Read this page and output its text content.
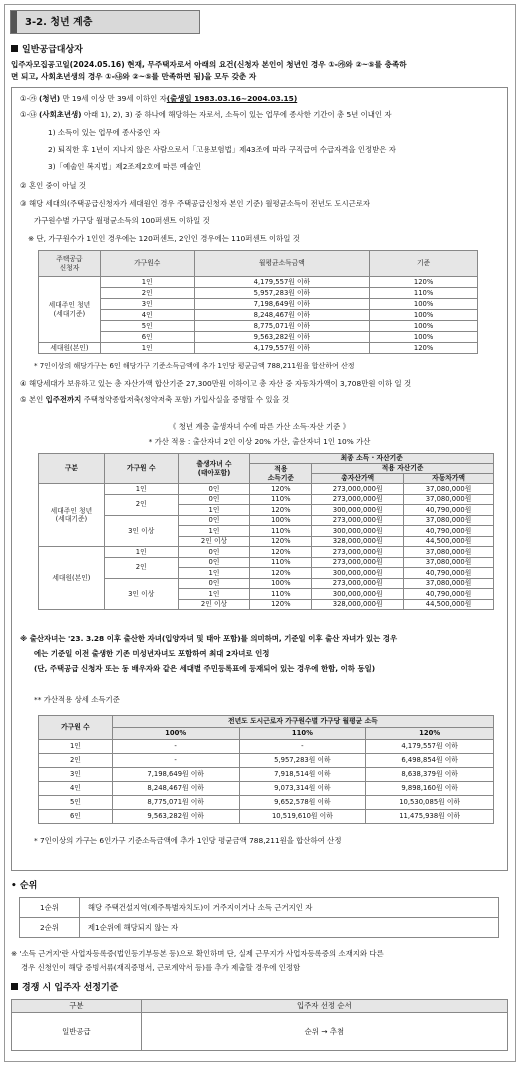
3-2. 청년 계층
일반공급대상자
입주자모집공고일(2024.05.16) 현재, 무주택자로서 아래의 요건(신청자 본인이 청년인 경우 ①-㉮와 ②~⑤를 충족하
면 되고, 사회초년생의 경우 ①-㉯와 ②~⑤를 만족하면 됨)을 모두 갖춘 자
①-㉮ (청년) 만 19세 이상 만 39세 이하인 자(출생일 1983.03.16~2004.03.15)
①-㉯ (사회초년생) 아래 1), 2), 3) 중 하나에 해당하는 자로서, 소득이 있는 업무에 종사한 기간이 총 5년 이내인 자
1) 소득이 있는 업무에 종사중인 자
2) 퇴직한 후 1년이 지나지 않은 사람으로서「고용보험법」제43조에 따라 구직급여 수급자격을 인정받은 자
3)「예술인 복지법」제2조제2호에 따른 예술인
② 혼인 중이 아닐 것
③ 해당 세대의(주택공급신청자가 세대원인 경우 주택공급신청자 본인 기준) 월평균소득이 전년도 도시근로자
가구원수별 가구당 월평균소득의 100퍼센트 이하일 것
※ 단, 가구원수가 1인인 경우에는 120퍼센트, 2인인 경우에는 110퍼센트 이하일 것
주택공급
신청자	가구원수	월평균소득금액	기준

세대주인 청년
(세대기준)	1인	4,179,557원 이하	120%
	2인	5,957,283원 이하	110%
	3인	7,198,649원 이하	100%
	4인	8,248,467원 이하	100%
	5인	8,775,071원 이하	100%
	6인	9,563,282원 이하	100%
세대원(본인)	1인	4,179,557원 이하	120%
* 7인이상의 해당가구는 6인 해당가구 기준소득금액에 추가 1인당 평균금액 788,211원을 합산하여 산정
④ 해당세대가 보유하고 있는 총 자산가액 합산기준 27,300만원 이하이고 총 자산 중 자동차가액이 3,708만원 이하 일 것
⑤ 본인 입주전까지 주택청약종합저축(청약저축 포함) 가입사실을 증명할 수 있을 것
《 청년 계층 출생자녀 수에 따른 가산 소득·자산 기준 》
* 가산 적용 : 출산자녀 2인 이상 20% 가산, 출산자녀 1인 10% 가산
구분	가구원 수	출생자녀 수
(태아포함)	최종 소득 · 자산기준		
			적용
소득기준	적용 자산기준	
				총자산가액	자동차가액

세대주인 청년
(세대기준)	1인	0인	120%	273,000,000원	37,080,000원
	2인	0인	110%	273,000,000원	37,080,000원
		1인	120%	300,000,000원	40,790,000원
	3인 이상	0인	100%	273,000,000원	37,080,000원
		1인	110%	300,000,000원	40,790,000원
		2인 이상	120%	328,000,000원	44,500,000원
세대원(본인)	1인	0인	120%	273,000,000원	37,080,000원
	2인	0인	110%	273,000,000원	37,080,000원
		1인	120%	300,000,000원	40,790,000원
	3인 이상	0인	100%	273,000,000원	37,080,000원
		1인	110%	300,000,000원	40,790,000원
		2인 이상	120%	328,000,000원	44,500,000원
※ 출산자녀는 '23. 3.28 이후 출산한 자녀(입양자녀 및 태아 포함)를 의미하며, 기준일 이후 출산 자녀가 있는 경우
에는 기준일 이전 출생한 기존 미성년자녀도 포함하여 최대 2자녀로 인정
(단, 주택공급 신청자 또는 동 배우자와 같은 세대별 주민등록표에 등재되어 있는 경우에 한함, 이하 동일)
** 가산적용 상세 소득기준
가구원 수	전년도 도시근로자 가구원수별 가구당 월평균 소득		
	100%	110%	120%
1인	-	-	4,179,557원 이하
2인	-	5,957,283원 이하	6,498,854원 이하
3인	7,198,649원 이하	7,918,514원 이하	8,638,379원 이하
4인	8,248,467원 이하	9,073,314원 이하	9,898,160원 이하
5인	8,775,071원 이하	9,652,578원 이하	10,530,085원 이하
6인	9,563,282원 이하	10,519,610원 이하	11,475,938원 이하
* 7인이상의 가구는 6인가구 기준소득금액에 추가 1인당 평균금액 788,211원을 합산하여 산정
• 순위
1순위	해당 주택건설지역(제주특별자치도)이 거주지이거나 소득 근거지인 자
2순위	제1순위에 해당되지 않는 자
※ '소득 근거지'란 사업자등록증(법인등기부등본 등)으로 확인하며 단, 실제 근무지가 사업자등록증의 소재지와 다른
경우 신청인이 해당 증빙서류(재직증명서, 근로계약서 등)를 추가 제출할 경우에 인정함
경쟁 시 입주자 선정기준
구분	입주자 선정 순서
일반공급	순위 → 추첨
